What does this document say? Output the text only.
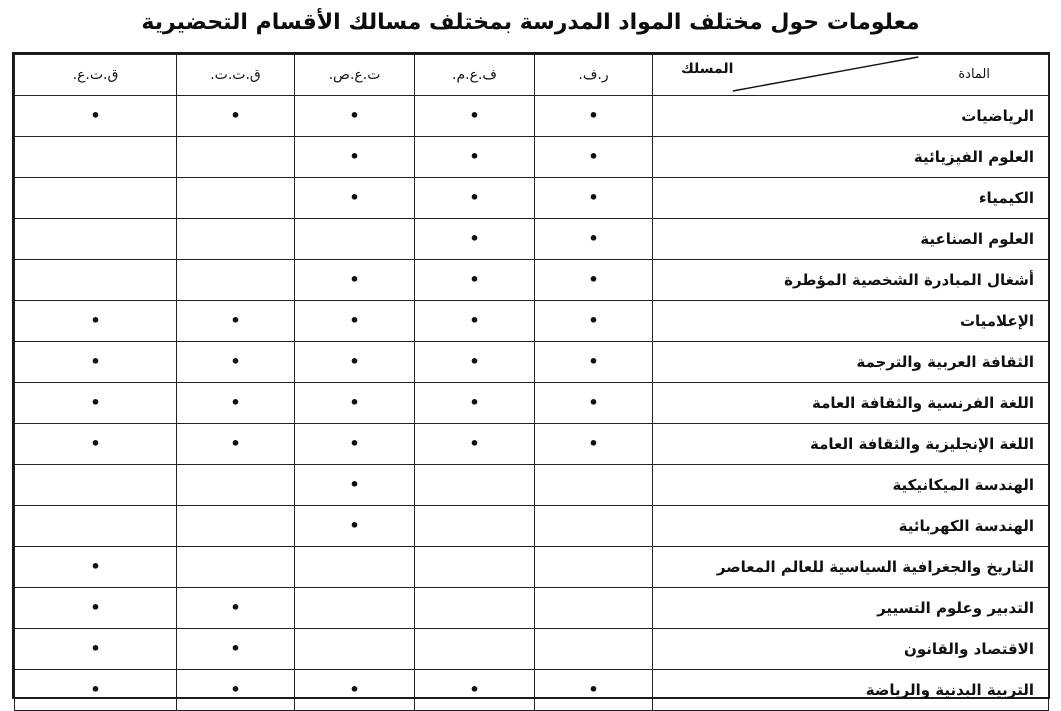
معلومات حول مختلف المواد المدرسة بمختلف مسالك الأقسام التحضيرية
ق.ت.ع.	ق.ت.ت.	ت.ع.ص.	ف.ع.م.	ر.ف.	المسلك المادة

•	•	•	•	•	الرياضيات
		•	•	•	العلوم الفيزيائية
		•	•	•	الكيمياء
			•	•	العلوم الصناعية
		•	•	•	أشغال المبادرة الشخصية المؤطرة
•	•	•	•	•	الإعلاميات
•	•	•	•	•	الثقافة العربية والترجمة
•	•	•	•	•	اللغة الفرنسية والثقافة العامة
•	•	•	•	•	اللغة الإنجليزية والثقافة العامة
		•			الهندسة الميكانيكية
		•			الهندسة الكهربائية
•					التاريخ والجغرافية السياسية للعالم المعاصر
•	•				التدبير وعلوم التسيير
•	•				الاقتصاد والقانون
•	•	•	•	•	التربية البدنية والرياضة
